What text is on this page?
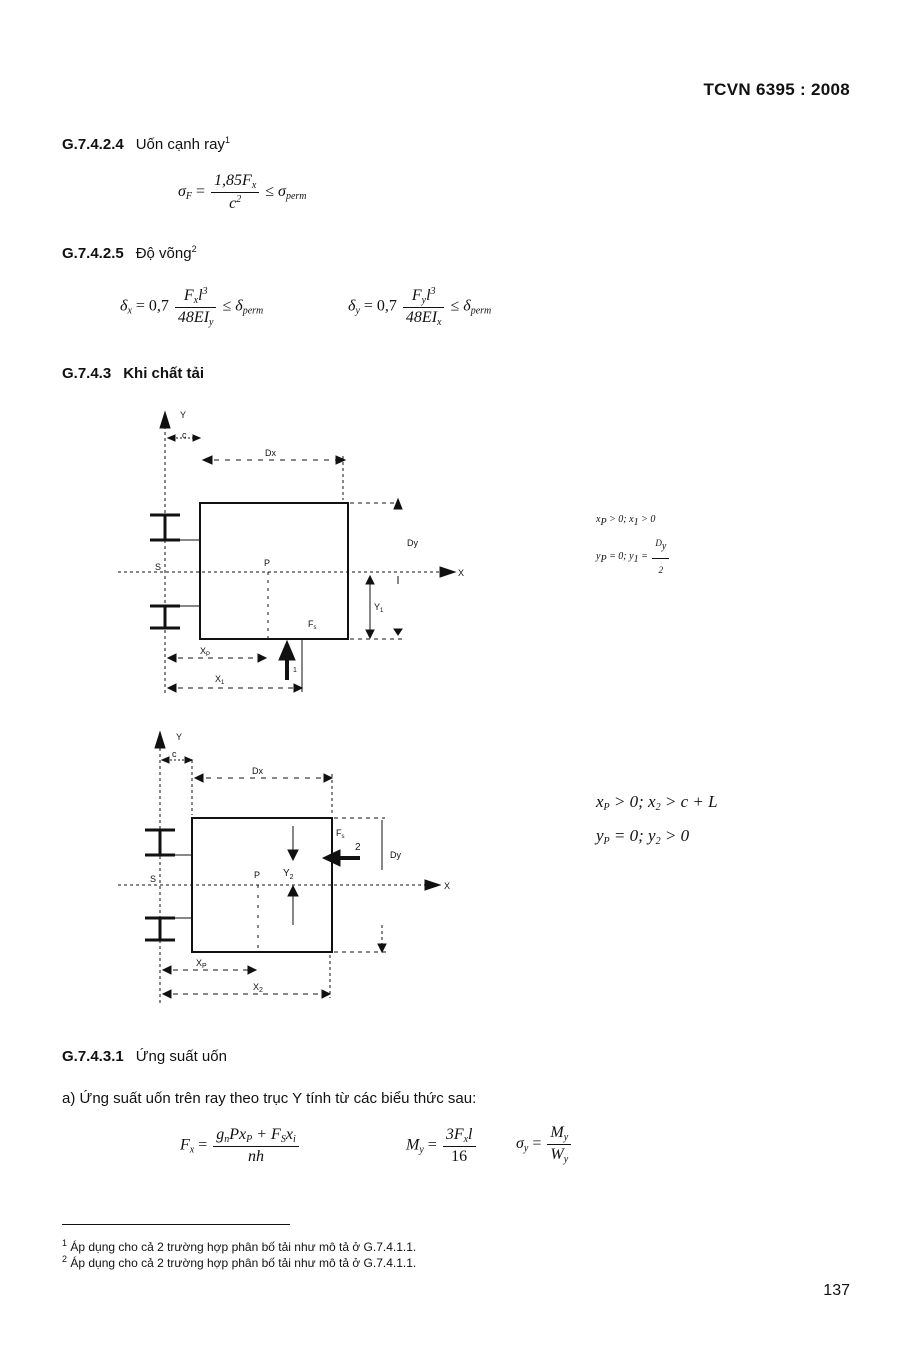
TCVN 6395 : 2008
G.7.4.2.4 Uốn cạnh ray$^1$
$\sigma_F = \frac{1,85F_x}{c^2} \le \sigma_{perm}$
G.7.4.2.5 Độ võng$^2$
$\delta_x = 0,7 \frac{F_xl^3}{48EI_y} \le \delta_{perm}$	$\delta_y = 0,7 \frac{F_yl^3}{48EI_x} \le \delta_{perm}$
G.7.4.3 Khi chất tải
Y
c
Dx
Dy
X
S	P
$F_s$
$Y_1$
$X_P$
$X_1$
1
xP > 0; x1 > 0
yP = 0; $y1 = \frac{Dy}{2}$
Y
c
Dx
Dy
X
S	P
$F_s$
2
$Y_2$
$X_P$
$X_2$
$x_P > 0$; $x_2 > c + L$
$y_P = 0$; $y_2 > 0$
G.7.4.3.1 Ứng suất uốn
a) Ứng suất uốn trên ray theo trục Y tính từ các biểu thức sau:
$F_x = \frac{g_nPx_P + F_Sx_i}{nh}$	$M_y = \frac{3F_xl}{16}$	$\sigma_y = \frac{M_y}{W_y}$
$^1$ Áp dụng cho cả 2 trường hợp phân bố tải như mô tả ở G.7.4.1.1.
$^2$ Áp dụng cho cả 2 trường hợp phân bố tải như mô tả ở G.7.4.1.1.
137
